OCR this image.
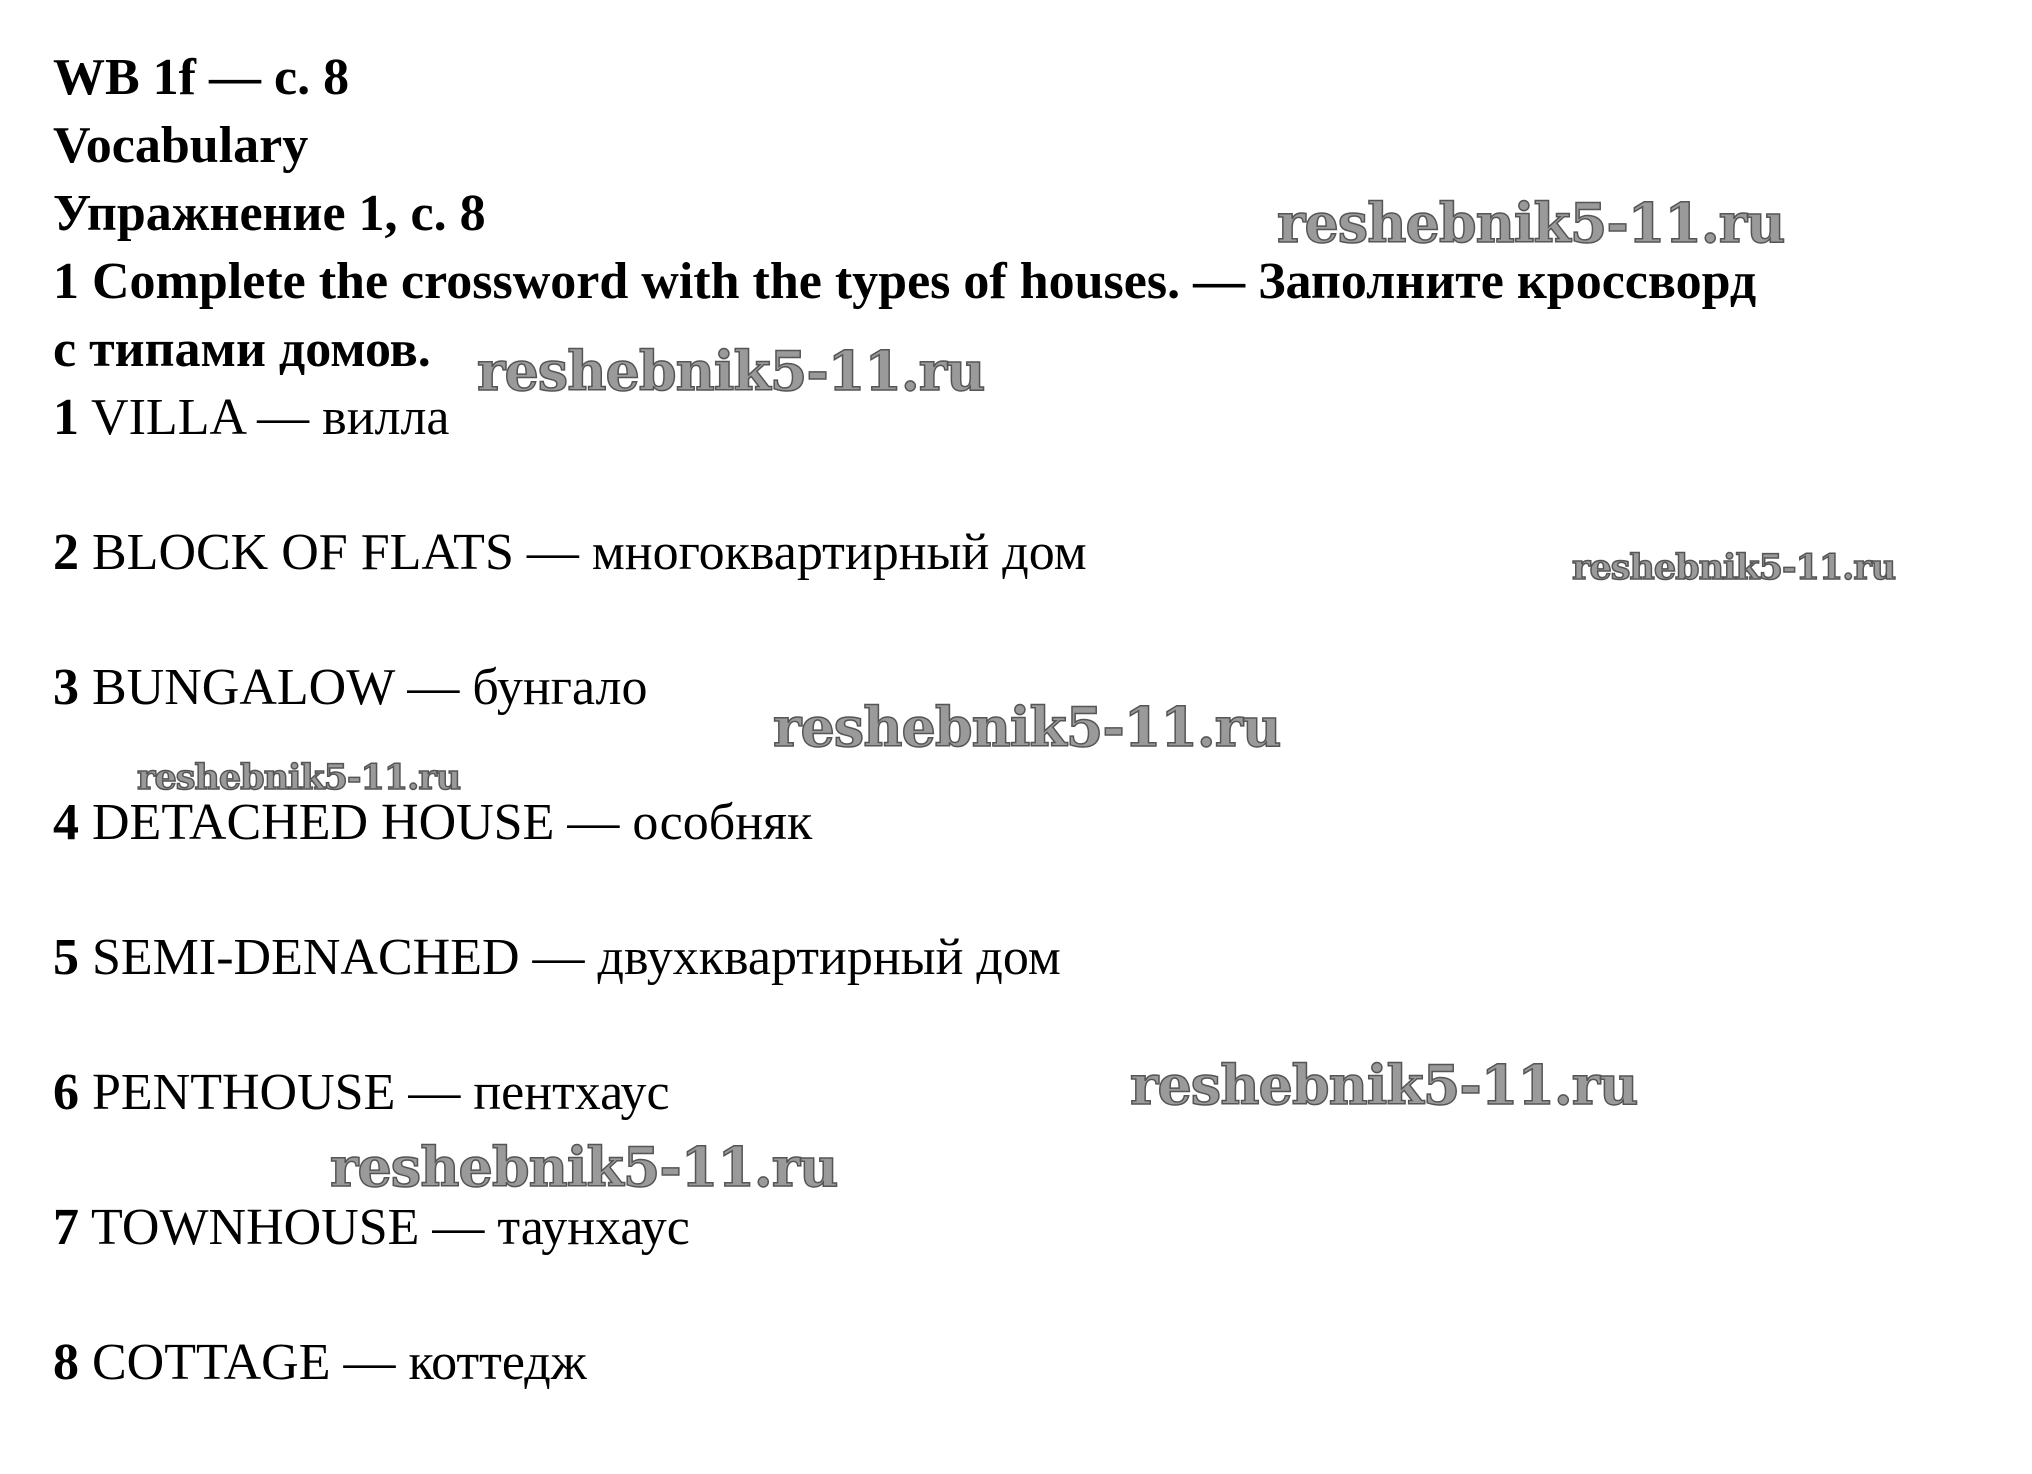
WB 1f — с. 8
Vocabulary
Упражнение 1, с. 8
1 Complete the crossword with the types of houses. — Заполните кроссворд
с типами домов.
1 VILLA — вилла
2 BLOCK OF FLATS — многоквартирный дом
3 BUNGALOW — бунгало
4 DETACHED HOUSE — особняк
5 SEMI-DENACHED — двухквартирный дом
6 PENTHOUSE — пентхаус
7 TOWNHOUSE — таунхаус
8 COTTAGE — коттедж
reshebnik5-11.ru
reshebnik5-11.ru
reshebnik5-11.ru
reshebnik5-11.ru
reshebnik5-11.ru
reshebnik5-11.ru
reshebnik5-11.ru
